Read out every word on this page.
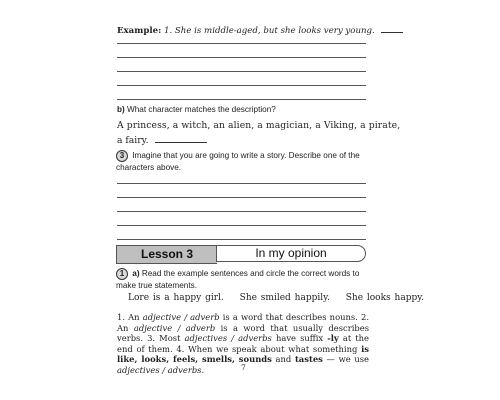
Example: 1. She is middle-aged, but she looks very young.
b) What character matches the description?
A princess, a witch, an alien, a magician, a Viking, a pirate,
a fairy.
3 Imagine that you are going to write a story. Describe one of the characters above.
Lesson 3	In my opinion
1 a) Read the example sentences and circle the correct words to make true statements.
Lore is a happy girl. She smiled happily. She looks happy.
1. An adjective / adverb is a word that describes nouns. 2. An adjective / adverb is a word that usually describes verbs. 3. Most adjectives / adverbs have suffix -ly at the end of them. 4. When we speak about what something is like, looks, feels, smells, sounds and tastes — we use adjectives / adverbs.	7
